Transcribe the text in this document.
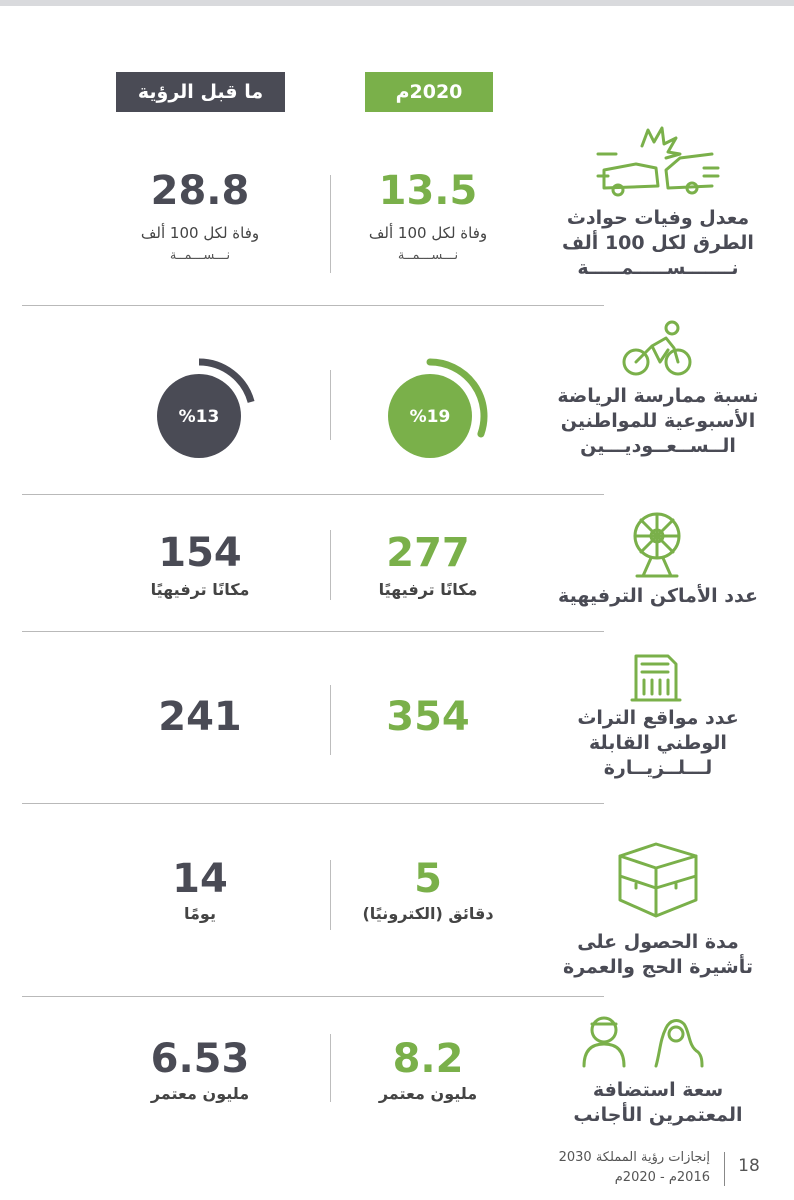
2020م
ما قبل الرؤية
معدل وفيات حوادث
الطرق لكل 100 ألف
نـــــــســـــمـــــة
13.5
وفاة لكل 100 ألف
نـــســـمــة
28.8
وفاة لكل 100 ألف
نـــســـمــة
نسبة ممارسة الرياضة
الأسبوعية للمواطنين
الــســعــوديـــين
%19
%13
عدد الأماكن الترفيهية
277
مكانًا ترفيهيًا
154
مكانًا ترفيهيًا
عدد مواقع التراث
الوطني القابلة
لـــلــزيــارة
354
241
مدة الحصول على
تأشيرة الحج والعمرة
5
دقائق (الكترونيًا)
14
يومًا
سعة استضافة
المعتمرين الأجانب
8.2
مليون معتمر
6.53
مليون معتمر
إنجازات رؤية المملكة 2030
2016م - 2020م
18
